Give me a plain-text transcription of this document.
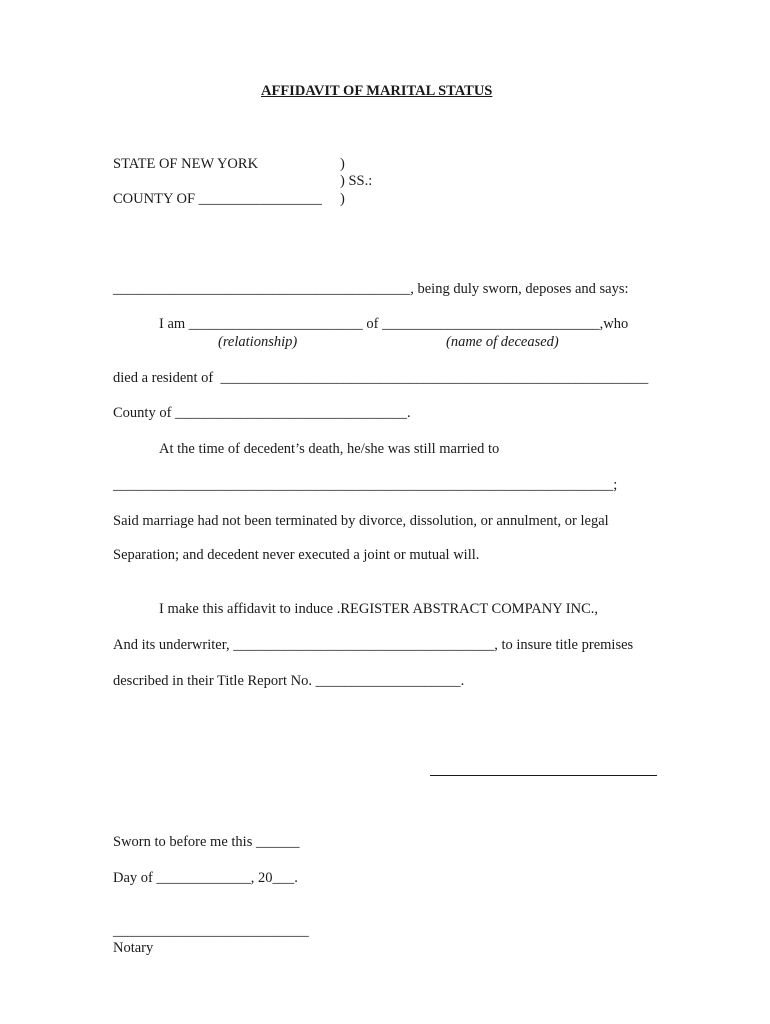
AFFIDAVIT OF MARITAL STATUS
STATE OF NEW YORK	)
) SS.:
COUNTY OF _________________ )
_________________________________________, being duly sworn, deposes and says:
I am ________________________ of ______________________________,who
(relationship)	(name of deceased)
died a resident of  ___________________________________________________________
County of ________________________________.
At the time of decedent’s death, he/she was still married to
_____________________________________________________________________;
Said marriage had not been terminated by divorce, dissolution, or annulment, or legal
Separation; and decedent never executed a joint or mutual will.
I make this affidavit to induce .REGISTER ABSTRACT COMPANY INC.,
And its underwriter, ____________________________________, to insure title premises
described in their Title Report No. ____________________.
Sworn to before me this ______
Day of _____________, 20___.
___________________________
Notary
